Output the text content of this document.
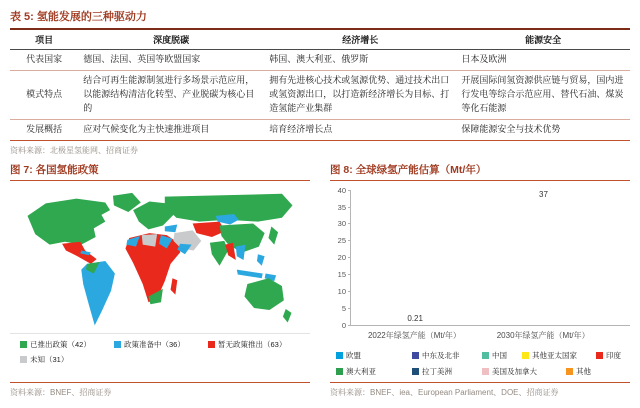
表 5: 氢能发展的三种驱动力
项目	深度脱碳	经济增长	能源安全
代表国家	德国、法国、英国等欧盟国家	韩国、澳大利亚、俄罗斯	日本及欧洲
模式特点	结合可再生能源制氢进行多场景示范应用，以能源结构清洁化转型、产业脱碳为核心目的	拥有先进核心技术或氢源优势、通过技术出口或氢资源出口，以打造新经济增长为目标、打造氢能产业集群	开展国际间氢资源供应链与贸易，国内进行发电等综合示范应用、替代石油、煤炭等化石能源
发展概括	应对气候变化为主快速推进项目	培育经济增长点	保障能源安全与技术优势
资料来源：北极星氢能网、招商证券
图 7: 各国氢能政策
已推出政策（42）	政策准备中（36）	暂无政策推出（63）
未知（31）
资料来源：BNEF、招商证券
图 8: 全球绿氢产能估算（Mt/年）
0
5
10
15
20
25
30
35
40
0.21
37
2022年绿氢产能（Mt/年）	2030年绿氢产能（Mt/年）
欧盟	中东及北非	中国	其他亚太国家	印度
澳大利亚	拉丁美洲	美国及加拿大	其他
资料来源：BNEF、iea、European Parliament、DOE、招商证券
